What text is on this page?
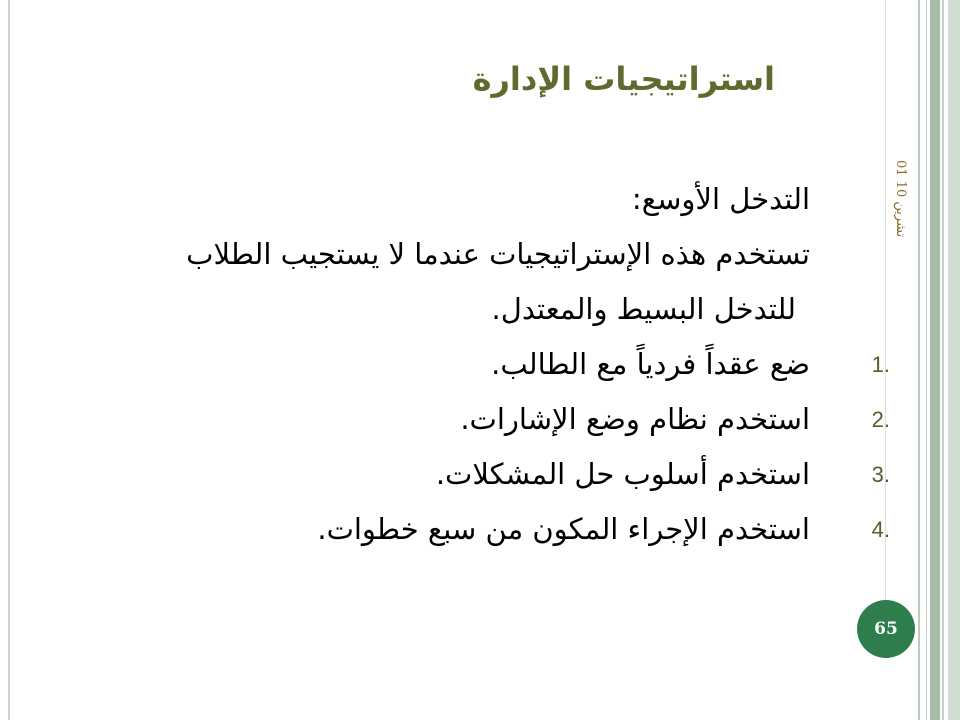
استراتيجيات الإدارة
01 تشرين 10

التدخل الأوسع:

تستخدم هذه الإستراتيجيات عندما لا يستجيب الطلاب

للتدخل البسيط والمعتدل.

1.
ضع عقداً فردياً مع الطالب.
2.
استخدم نظام وضع الإشارات.
3.
استخدم أسلوب حل المشكلات.
4.
استخدم الإجراء المكون من سبع خطوات.
65
